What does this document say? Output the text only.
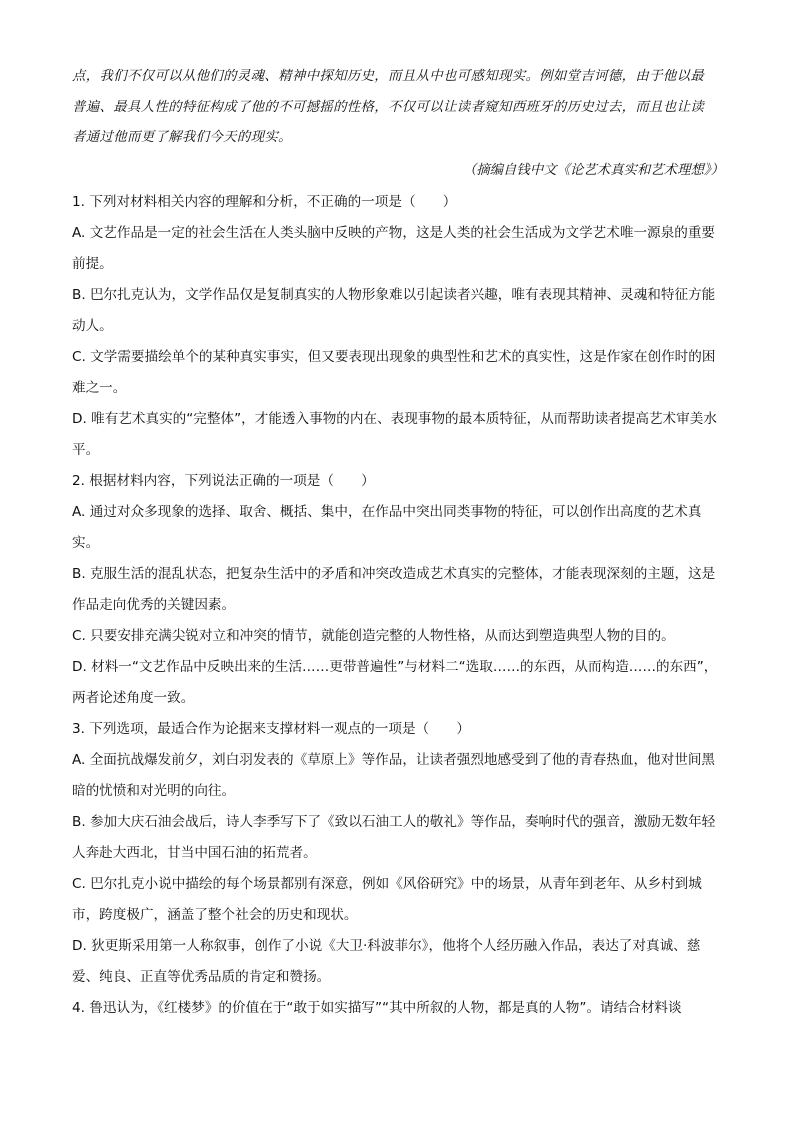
点，我们不仅可以从他们的灵魂、精神中探知历史，而且从中也可感知现实。例如堂吉诃德，由于他以最

普遍、最具人性的特征构成了他的不可撼摇的性格，不仅可以让读者窥知西班牙的历史过去，而且也让读

者通过他而更了解我们今天的现实。

（摘编自钱中文《论艺术真实和艺术理想》）

1. 下列对材料相关内容的理解和分析，不正确的一项是（　　）

A. 文艺作品是一定的社会生活在人类头脑中反映的产物，这是人类的社会生活成为文学艺术唯一源泉的重要前提。

B. 巴尔扎克认为，文学作品仅是复制真实的人物形象难以引起读者兴趣，唯有表现其精神、灵魂和特征方能动人。

C. 文学需要描绘单个的某种真实事实，但又要表现出现象的典型性和艺术的真实性，这是作家在创作时的困难之一。

D. 唯有艺术真实的“完整体”，才能透入事物的内在、表现事物的最本质特征，从而帮助读者提高艺术审美水平。

2. 根据材料内容，下列说法正确的一项是（　　）

A. 通过对众多现象的选择、取舍、概括、集中，在作品中突出同类事物的特征，可以创作出高度的艺术真实。

B. 克服生活的混乱状态，把复杂生活中的矛盾和冲突改造成艺术真实的完整体，才能表现深刻的主题，这是作品走向优秀的关键因素。

C. 只要安排充满尖锐对立和冲突的情节，就能创造完整的人物性格，从而达到塑造典型人物的目的。

D. 材料一“文艺作品中反映出来的生活……更带普遍性”与材料二“选取……的东西，从而构造……的东西”，两者论述角度一致。

3. 下列选项，最适合作为论据来支撑材料一观点的一项是（　　）

A. 全面抗战爆发前夕，刘白羽发表的《草原上》等作品，让读者强烈地感受到了他的青春热血，他对世间黑暗的忧愤和对光明的向往。

B. 参加大庆石油会战后，诗人李季写下了《致以石油工人的敬礼》等作品，奏响时代的强音，激励无数年轻人奔赴大西北，甘当中国石油的拓荒者。

C. 巴尔扎克小说中描绘的每个场景都别有深意，例如《风俗研究》中的场景，从青年到老年、从乡村到城市，跨度极广，涵盖了整个社会的历史和现状。

D. 狄更斯采用第一人称叙事，创作了小说《大卫·科波菲尔》，他将个人经历融入作品，表达了对真诚、慈爱、纯良、正直等优秀品质的肯定和赞扬。

4. 鲁迅认为，《红楼梦》的价值在于“敢于如实描写”“其中所叙的人物，都是真的人物”。请结合材料谈
